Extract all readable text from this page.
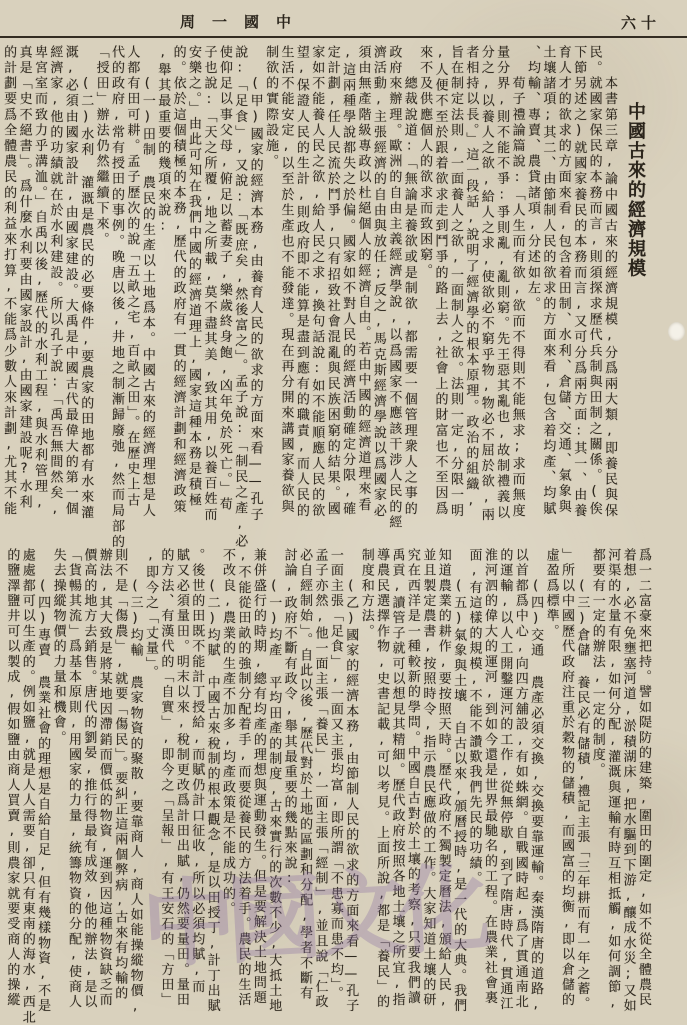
周一國中	六十
中國古來的經濟規模
　　本書第三章,論中國古來的經濟規模,分爲兩大類,即養民與保
民。就國家保民的本務而言,則須探求歷代兵制與田制之關係。(俟
下節另述之)就國家養民的本務而言,又可分爲兩方面:其一、由養
育人才的欲求的方面來看,包含着田制、水利、倉儲、交通、氣象與
土壤諸項;其二、由節制人民的欲求的方面來看,包含着均產、均賦
、均輸、專賣、農貸諸項,分述如左。
　　荀子禮論篇說:「人生而有欲,欲而不得則不能無求;求而無度
量分界,則不能不爭:爭則亂,亂則窮。先王惡其亂也,故制禮義以
分之,以養人之欲,給人之求,使欲必不窮乎物,物必不屈於欲,兩
者相持以長。」這一段話,說明了經濟學的根本原理。政治的組織,
旨在制定法則,一面養人之欲,一面制人之欲。法則一定,分限一明
,人便不至於跟着欲求走到鬥爭的路上去,社會上的財富也不至因爲
來不及供應個人的欲求而致困窮。
　　總裁說道:「無論是養欲或是制欲,都需要一個管理衆人之事的
政府來辦理。歐洲的自由主義經濟學說,以爲國家不應該干涉人民的經
濟活動,主張經濟的自由與放任;反之,馬克斯經濟學說以爲國家必
須由無產階級專政以杜絕個人的經濟自由。若由中國的經濟道理來看
,這兩種學說都失之於偏。國家如不對人民的經濟活動確定分限,確
定計劃,任人民流於鬥爭,只有招致社會混亂與民族困窮的結果。國
家如不能養人民之欲,給人民之求,換句話說:如不能順應人民的欲
望,保證人民的生計,則政府即不能算是盡到應有的職責,而人民的
生活不能安定,以至於生產也不能發達。現在再分開來講國家養欲與
制欲的實際設施。
　　(甲)國家的經濟本務,由養育人民的欲求的方面來看——孔子
說:「足食」,又說:「既庶矣,然後富之」。孟子說:「制民之產,必
使仰足以事父母,俯足以蓄妻子,樂歲終身飽,凶年免於死亡。」荀
子也說:「天之所覆,地之所載,莫不盡其美,致其用,以養百姓而
安樂之。」由此可知在我們中國的經濟道理上,國家這種本務是積極
的。依於這個積極的本務,歷代的政府有一貫的經濟計劃和經濟政策
,舉其最重要的幾項來說:
　　(一)田制 農民的生產以土地爲本。中國古來的經濟理想是人
人都有田可耕。孟子歷次的說「五畝之宅,百畝之田」。在歷史上古
代的政府,常有授田的事例。晚唐以後,井地之制漸歸廢弛,然而局部的
「授田」辦法仍然繼續下來。
　　(二)水利 灌溉是農民的必要條件,要農家的田地都有水來灌
溉,必須由國家設計,由國家建設。大禹是中國古代最偉大的第一個
經濟家,他的功績就在於水利建設。所以孔子說:「禹吾無間然矣,
卑宮室而致力乎溝洫。」自禹以後,歷代的水利工程,與水利管理,
真是「史不絕書」。爲什麼水利要由國家設計,由國家建設呢?水利
的計劃要爲全體農民的利益來打算,不能爲少數人來計劃,尤其不能
爲一二富豪來把持。譬如隄防的建築,圍田的圍定,如不從全體農民
着想,必不免壅塞河道,淤積湖床,把水驅到下游,釀成水災;又如
河渠的水量有限,如何分配,灌溉與運輸有時互相抵觸,如何調節,
都要有一定的辦法,一定的制度。
　　(三)倉儲 養民必有儲積,禮記主張「三年耕而有一年之蓄。
」所以中國歷代政府注重於穀物的儲積,而國富的均衡,即以倉儲的
虛盈爲標準。
　　(四)交通 農產必須交換,交換要靠運輸。秦漢隋唐的道路,
以首都爲中心,向四方舖設,有如蛛網。自戰國時起,爲了貫通南北
的運輸,以人工開鑿運河的工作,從無停歇,到了隋唐時代,貫通江
淮河泗的偉大的運河,到如今還是世界最馳名的工程。在農業社會裏
面,有這樣的規模,不能不讚歎我們先民的功績。
　　(五)氣象與土壤 自古以來,頒曆授時,是一代的大典。我們
知道農業的耕作,要按照天時。歷代政府不獨製定曆法,頒給人民,
並且製定農書,按照時令,指示農民應做的工作。大家知道土壤的研
究在西洋是一種較新的學問。中國自古對於土壤的考察,只要我們讀
禹貢,讀管子就可以想見其精細。歷代政府按照各地土壤之所宜,指
導農民選擇作物,史書記載,可以考見。上面所說,都是「養民」的
制度和方法。
　　(乙)國家的經濟本務,由節制人民的欲求的方面來看——孔子
一面主張「足食」,一面又主張均富,即所謂「不患寡而患不均」。
孟子亦然,他一面主張「養民」,一面主張「經制」,並且說「仁政
必自經制始」。自此以後,歷代對於土地的區劃和分配,學者不斷有
討論,政府不斷有政令,舉其最重要的幾點來說:
　　(一)均產 平均田產的制度,古來實行的次數不少,大抵土地
兼併盛行的時期,總有均產的理想與運動發生。但是要解決土地問題
,不能從田畝的強制分配着手,而要從養民的方法着手。農民的生活
不改良,農業的生產不加多,均產政策是不能成功的。
　　(二)均賦 中國古來稅制的根本觀念,是以田授丁,計丁出賦
。後世的田既不能計丁授給,而賦仍計口征收,所以必須均賦,而
賦又必須量田。明末以來,稅制更改爲計田出賦,仍然要量田。量田
的方法、有漢代的「自實」,即今之「呈報」,有王安石的「方田」
,即今之「丈量」。
　　(三)均輸 農家物資的聚散,要靠商人,商人如能操縱物價,
則不是「傷農」,就要「傷民」。要糾正這兩個弊病,古來有均輸的
辦法,其大致是將某地因滯銷而價低的物資,運到因這種物資缺乏而
價高的地方去銷售。唐代的劉晏,推行得最有成效,他的辦法,是以
「貨暢其流」爲基本原則,用國家的力量,統籌物資的分配,使商人
失去操縱物價的力量和機會。
　　(四)專賣 農業社會的理想是自給自足,但有幾樣物資,不是
處處都可以生產的。例如鹽,就是人人需要,卻只有東南的海水,西北
的鹽澤鹽井可以製成,假如鹽由商人買賣,則農家就要受商人的操縱 中國文化
